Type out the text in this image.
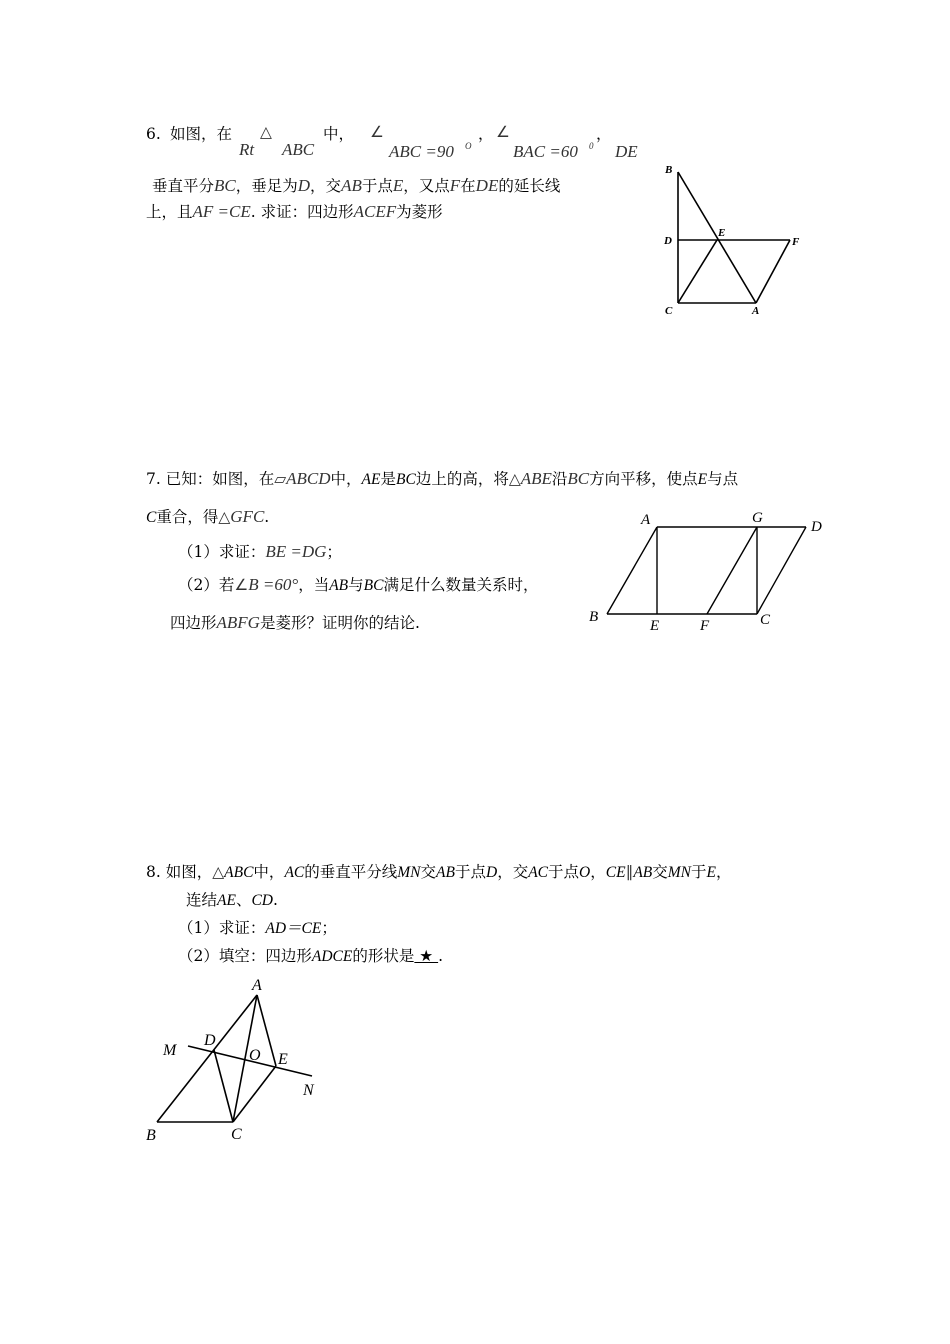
6. 如图，在 △
Rt ABC
中， ∠
ABC =90 O
， ∠
BAC =60 0
，
DE
垂直平分BC，垂足为D，交AB于点E，又点F在DE的延长线
上，且AF =CE. 求证：四边形ACEF为菱形
B
D
E
F
C	A
7. 已知：如图，在▱ABCD中，AE是BC边上的高，将△ABE沿BC方向平移，使点E与点
C重合，得△GFC.
（1）求证：BE =DG；
（2）若∠B =60°，当AB与BC满足什么数量关系时，
四边形ABFG是菱形？证明你的结论.
A	G
D
B
E	F	C
8. 如图，△ABC中，AC的垂直平分线MN交AB于点D，交AC于点O，CE∥AB交MN于E，
连结AE、CD.
（1）求证：AD＝CE；
（2）填空：四边形ADCE的形状是 ★ .
A
M
D
O E
N
B	C
